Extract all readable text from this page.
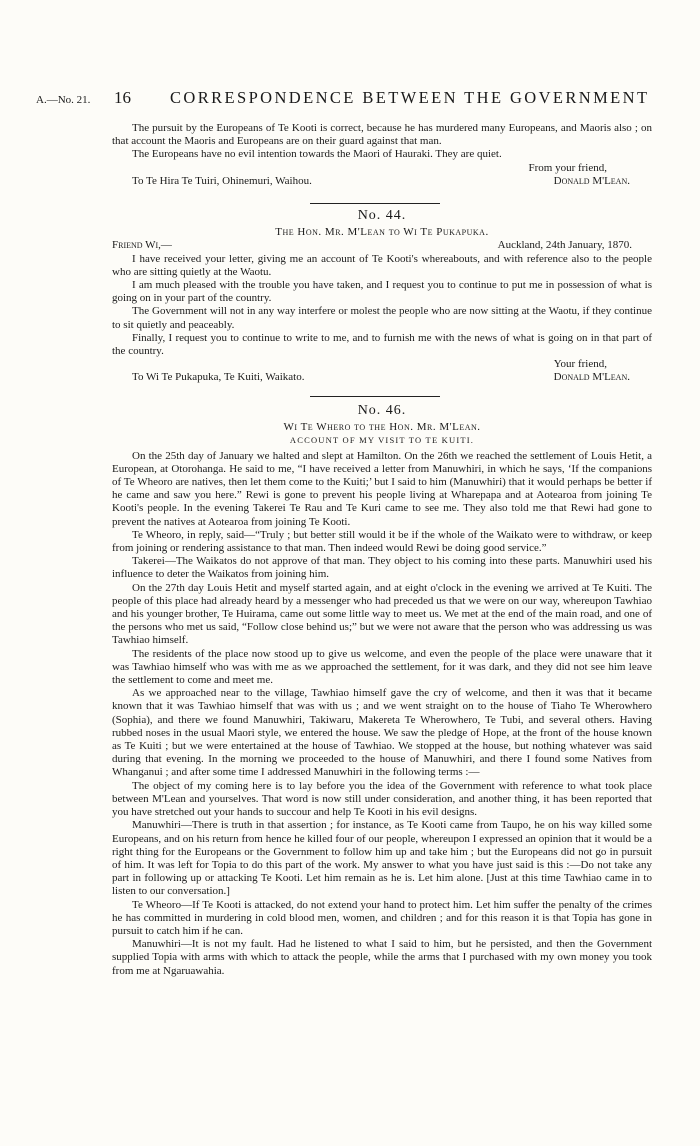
A.—No. 21. 16 CORRESPONDENCE BETWEEN THE GOVERNMENT

The pursuit by the Europeans of Te Kooti is correct, because he has murdered many Europeans, and Maoris also ; on that account the Maoris and Europeans are on their guard against that man.

The Europeans have no evil intention towards the Maori of Hauraki. They are quiet.

From your friend,
To Te Hira Te Tuiri, Ohinemuri, Waihou.	Donald M'Lean.
No. 44.
The Hon. Mr. M'Lean to Wi Te Pukapuka.
Friend Wi,—	Auckland, 24th January, 1870.

I have received your letter, giving me an account of Te Kooti's whereabouts, and with reference also to the people who are sitting quietly at the Waotu.

I am much pleased with the trouble you have taken, and I request you to continue to put me in possession of what is going on in your part of the country.

The Government will not in any way interfere or molest the people who are now sitting at the Waotu, if they continue to sit quietly and peaceably.

Finally, I request you to continue to write to me, and to furnish me with the news of what is going on in that part of the country.

Your friend,
To Wi Te Pukapuka, Te Kuiti, Waikato.	Donald M'Lean.
No. 46.
Wi Te Whero to the Hon. Mr. M'Lean.
ACCOUNT OF MY VISIT TO TE KUITI.

On the 25th day of January we halted and slept at Hamilton. On the 26th we reached the settlement of Louis Hetit, a European, at Otorohanga. He said to me, “I have received a letter from Manuwhiri, in which he says, ‘If the companions of Te Wheoro are natives, then let them come to the Kuiti;’ but I said to him (Manuwhiri) that it would perhaps be better if he came and saw you here.” Rewi is gone to prevent his people living at Wharepapa and at Aotearoa from joining Te Kooti's people. In the evening Takerei Te Rau and Te Kuri came to see me. They also told me that Rewi had gone to prevent the natives at Aotearoa from joining Te Kooti.

Te Wheoro, in reply, said—“Truly ; but better still would it be if the whole of the Waikato were to withdraw, or keep from joining or rendering assistance to that man. Then indeed would Rewi be doing good service.”

Takerei—The Waikatos do not approve of that man. They object to his coming into these parts. Manuwhiri used his influence to deter the Waikatos from joining him.

On the 27th day Louis Hetit and myself started again, and at eight o'clock in the evening we arrived at Te Kuiti. The people of this place had already heard by a messenger who had preceded us that we were on our way, whereupon Tawhiao and his younger brother, Te Huirama, came out some little way to meet us. We met at the end of the main road, and one of the persons who met us said, “Follow close behind us;” but we were not aware that the person who was addressing us was Tawhiao himself.

The residents of the place now stood up to give us welcome, and even the people of the place were unaware that it was Tawhiao himself who was with me as we approached the settlement, for it was dark, and they did not see him leave the settlement to come and meet me.

As we approached near to the village, Tawhiao himself gave the cry of welcome, and then it was that it became known that it was Tawhiao himself that was with us ; and we went straight on to the house of Tiaho Te Wherowhero (Sophia), and there we found Manuwhiri, Takiwaru, Makereta Te Wherowhero, Te Tubi, and several others. Having rubbed noses in the usual Maori style, we entered the house. We saw the pledge of Hope, at the front of the house known as Te Kuiti ; but we were entertained at the house of Tawhiao. We stopped at the house, but nothing whatever was said during that evening. In the morning we proceeded to the house of Manuwhiri, and there I found some Natives from Whanganui ; and after some time I addressed Manuwhiri in the following terms :—

The object of my coming here is to lay before you the idea of the Government with reference to what took place between M'Lean and yourselves. That word is now still under consideration, and another thing, it has been reported that you have stretched out your hands to succour and help Te Kooti in his evil designs.

Manuwhiri—There is truth in that assertion ; for instance, as Te Kooti came from Taupo, he on his way killed some Europeans, and on his return from hence he killed four of our people, whereupon I expressed an opinion that it would be a right thing for the Europeans or the Government to follow him up and take him ; but the Europeans did not go in pursuit of him. It was left for Topia to do this part of the work. My answer to what you have just said is this :—Do not take any part in following up or attacking Te Kooti. Let him remain as he is. Let him alone. [Just at this time Tawhiao came in to listen to our conversation.]

Te Wheoro—If Te Kooti is attacked, do not extend your hand to protect him. Let him suffer the penalty of the crimes he has committed in murdering in cold blood men, women, and children ; and for this reason it is that Topia has gone in pursuit to catch him if he can.

Manuwhiri—It is not my fault. Had he listened to what I said to him, but he persisted, and then the Government supplied Topia with arms with which to attack the people, while the arms that I purchased with my own money you took from me at Ngaruawahia.
